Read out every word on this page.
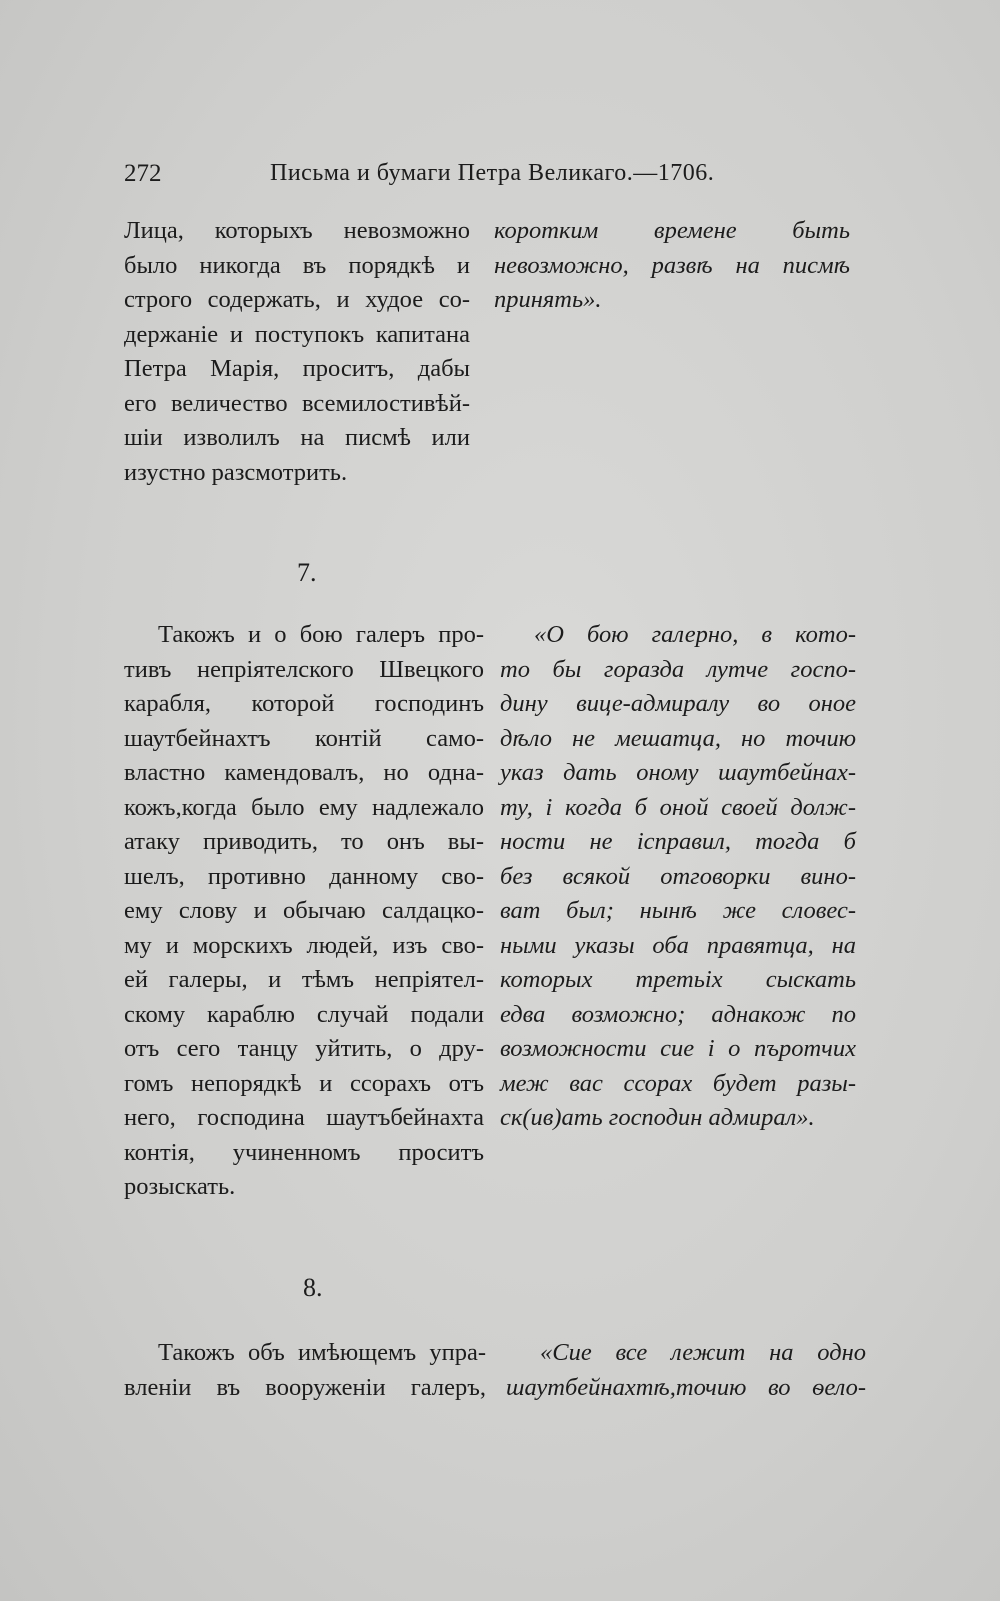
272	Письма и бумаги Петра Великаго.—1706.
Лица, которыхъ невозможно
было никогда въ порядкѣ и
строго содержать, и худое со-
держаніе и поступокъ капитана
Петра Марія, проситъ, дабы
его величество всемилостивѣй-
шіи изволилъ на писмѣ или
изустно разсмотрить.
коротким времене быть
невозможно, развѣ на писмѣ
принять».
7.
Такожъ и о бою галеръ про-
тивъ непріятелского Швецкого
карабля, которой господинъ
шаутбейнахтъ контій само-
властно камендовалъ, но одна-
кожъ,когда было ему надлежало
атаку приводить, то онъ вы-
шелъ, противно данному сво-
ему слову и обычаю салдацко-
му и морскихъ людей, изъ сво-
ей галеры, и тѣмъ непріятел-
скому караблю случай подали
отъ сего танцу уйтить, о дру-
гомъ непорядкѣ и ссорахъ отъ
него, господина шаутъбейнахта
контія, учиненномъ проситъ
розыскать.
«О бою галерно, в кото-
то бы горазда лутче госпо-
дину вице-адмиралу во оное
дѣло не мешатца, но точию
указ дать оному шаутбейнах-
ту, і когда б оной своей долж-
ности не ісправил, тогда б
без всякой отговорки вино-
ват был; нынѣ же словес-
ными указы оба правятца, на
которых третьіх сыскать
едва возможно; аднакож по
возможности сие і о пъротчих
меж вас ссорах будет разы-
ск(ив)ать господин адмирал».
8.
Такожъ объ имѣющемъ упра-
вленіи въ вооруженіи галеръ,
«Сие все лежит на одно
шаутбейнахтѣ,точию во ѳело-
